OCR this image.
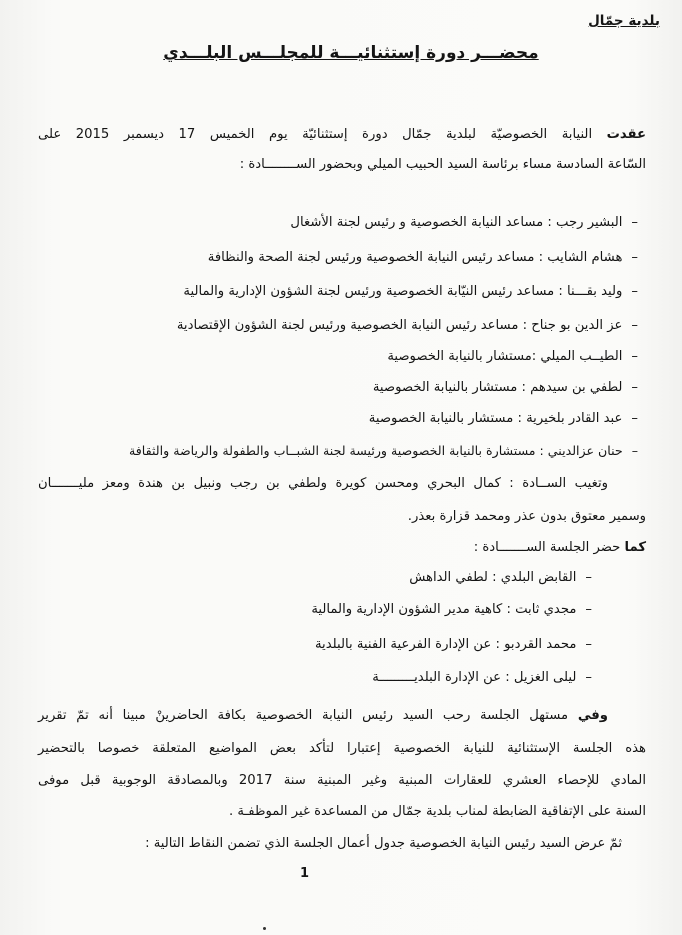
بلدية جمّال
محضـــر دورة إستثنائيـــة للمجلـــس البلـــدي
عقدت النيابة الخصوصيّة لبلدية جمّال دورة إستثنائيّة يوم الخميس 17 ديسمبر 2015 على
السّاعة السادسة مساء برئاسة السيد الحبيب الميلي وبحضور الســــــــادة :
–البشير رجب : مساعد النيابة الخصوصية و رئيس لجنة الأشغال
–هشام الشايب : مساعد رئيس النيابة الخصوصية ورئيس لجنة الصحة والنظافة
–وليد بقـــنا : مساعد رئيس النيّابة الخصوصية ورئيس لجنة الشؤون الإدارية والمالية
–عز الدين بو جناح : مساعد رئيس النيابة الخصوصية ورئيس لجنة الشؤون الإقتصادية
–الطيــب الميلي :مستشار بالنيابة الخصوصية
–لطفي بن سيدهم : مستشار بالنيابة الخصوصية
–عبد القادر بلخيرية : مستشار بالنيابة الخصوصية
–حنان عزالديني : مستشارة بالنيابة الخصوصية ورئيسة لجنة الشبــاب والطفولة والرياضة والثقافة
وتغيب الســادة : كمال البحري ومحسن كويرة ولطفي بن رجب ونبيل بن هندة ومعز مليـــــــان
وسمير معتوق بدون عذر ومحمد قزارة بعذر.
كما حضر الجلسة الســـــــادة :
–القابض البلدي : لطفي الداهش
–مجدي ثابت : كاهية مدير الشؤون الإدارية والمالية
–محمد القردبو : عن الإدارة الفرعية الفنية بالبلدية
–ليلى الغزيل : عن الإدارة البلديـــــــــة
وفي مستهل الجلسة رحب السيد رئيس النيابة الخصوصية بكافة الحاضرينْ مبينا أنه تمّ تقرير
هذه الجلسة الإستثنائية للنيابة الخصوصية إعتبارا لتأكد بعض المواضيع المتعلقة خصوصا بالتحضير
المادي للإحصاء العشري للعقارات المبنية وغير المبنية سنة 2017 وبالمصادقة الوجوبية قبل موفى
السنة على الإتفاقية الضابطة لمناب بلدية جمّال من المساعدة غير الموظفـة .
ثمّ عرض السيد رئيس النيابة الخصوصية جدول أعمال الجلسة الذي تضمن النقاط التالية :
1
